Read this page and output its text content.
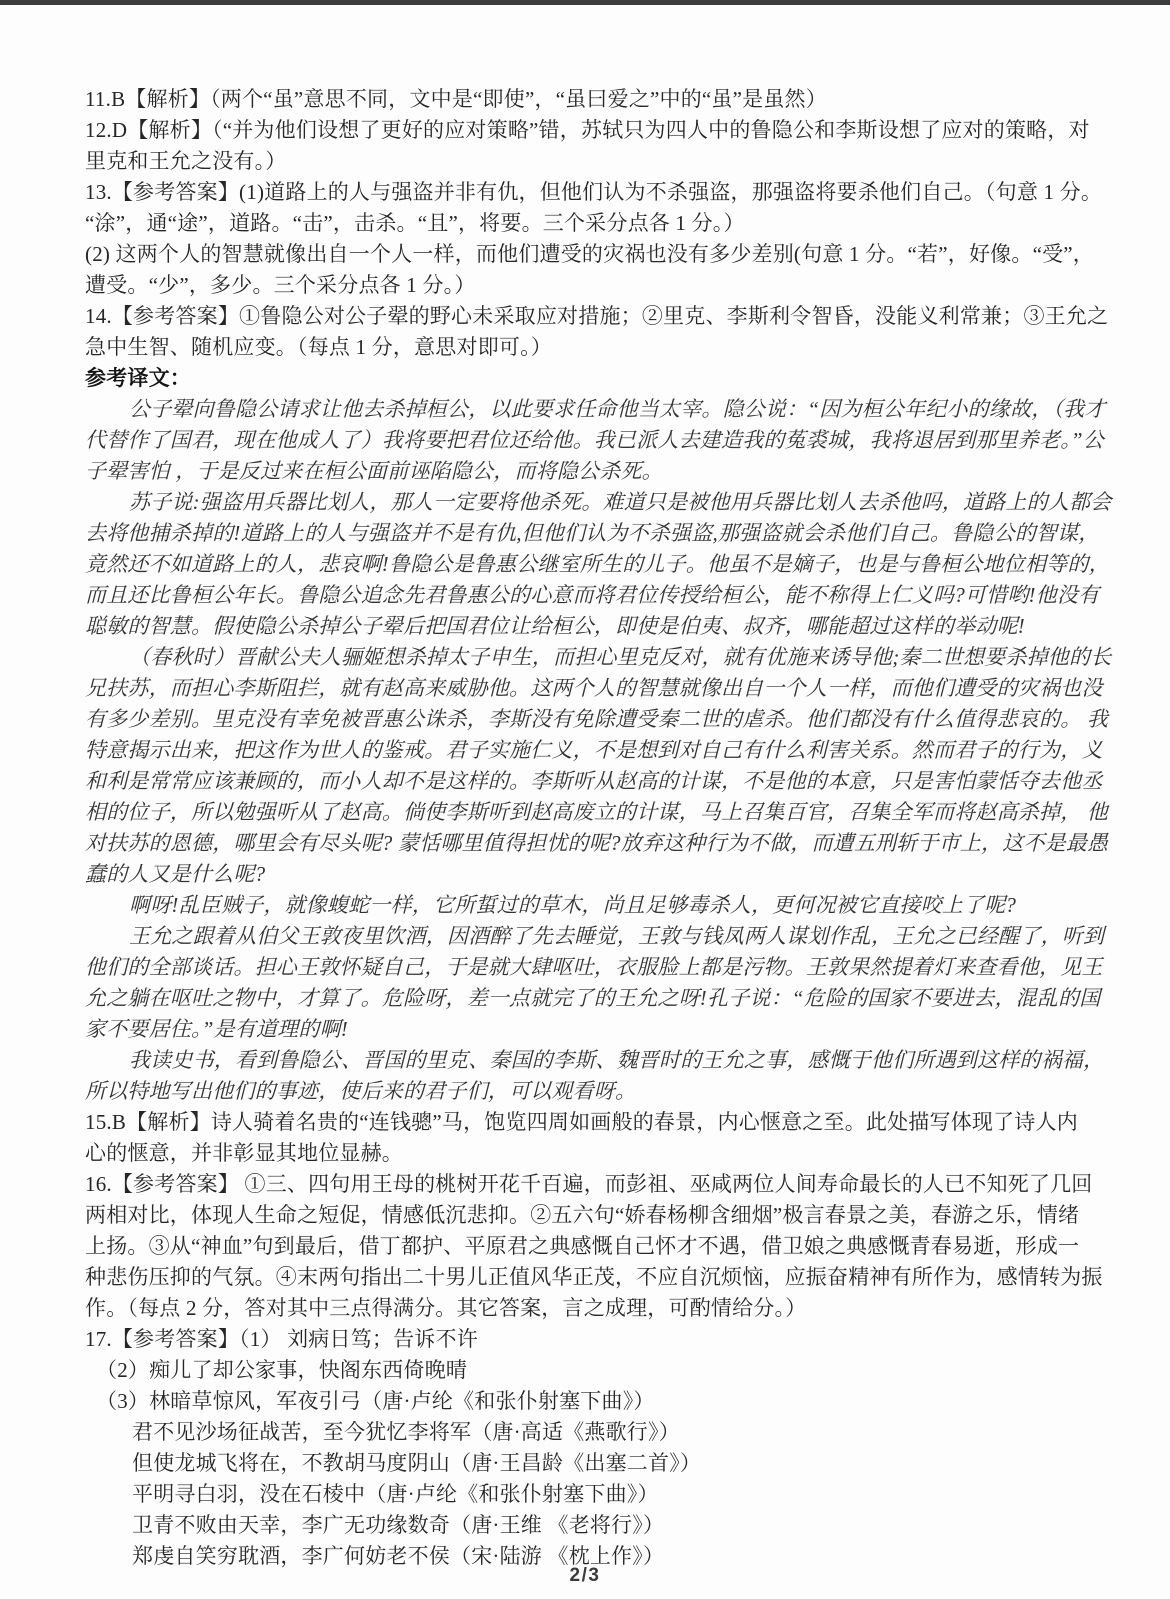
11.B【解析】（两个“虽”意思不同，文中是“即使”，“虽曰爱之”中的“虽”是虽然）
12.D【解析】（“并为他们设想了更好的应对策略”错，苏轼只为四人中的鲁隐公和李斯设想了应对的策略，对
里克和王允之没有。）
13.【参考答案】(1)道路上的人与强盗并非有仇，但他们认为不杀强盗，那强盗将要杀他们自己。（句意 1 分。
“涂”，通“途”，道路。“击”，击杀。“且”，将要。三个采分点各 1 分。）
(2) 这两个人的智慧就像出自一个人一样，而他们遭受的灾祸也没有多少差别(句意 1 分。“若”，好像。“受”，
遭受。“少”，多少。三个采分点各 1 分。）
14.【参考答案】①鲁隐公对公子翚的野心未采取应对措施；②里克、李斯利令智昏，没能义利常兼；③王允之
急中生智、随机应变。（每点 1 分，意思对即可。）
参考译文：
公子翚向鲁隐公请求让他去杀掉桓公，以此要求任命他当太宰。隐公说：“因为桓公年纪小的缘故，（我才
代替作了国君，现在他成人了）我将要把君位还给他。我已派人去建造我的菟裘城，我将退居到那里养老。”公
子翚害怕 ，于是反过来在桓公面前诬陷隐公，而将隐公杀死。
苏子说:强盗用兵器比划人，那人一定要将他杀死。难道只是被他用兵器比划人去杀他吗，道路上的人都会
去将他捕杀掉的!道路上的人与强盗并不是有仇,但他们认为不杀强盗,那强盗就会杀他们自己。鲁隐公的智谋，
竟然还不如道路上的人，悲哀啊!鲁隐公是鲁惠公继室所生的儿子。他虽不是嫡子，也是与鲁桓公地位相等的，
而且还比鲁桓公年长。鲁隐公追念先君鲁惠公的心意而将君位传授给桓公，能不称得上仁义吗?可惜哟!他没有
聪敏的智慧。假使隐公杀掉公子翚后把国君位让给桓公，即使是伯夷、叔齐，哪能超过这样的举动呢!
（春秋时）晋献公夫人骊姬想杀掉太子申生，而担心里克反对，就有优施来诱导他;秦二世想要杀掉他的长
兄扶苏，而担心李斯阻拦，就有赵高来威胁他。这两个人的智慧就像出自一个人一样，而他们遭受的灾祸也没
有多少差别。里克没有幸免被晋惠公诛杀，李斯没有免除遭受秦二世的虐杀。他们都没有什么值得悲哀的。 我
特意揭示出来，把这作为世人的鉴戒。君子实施仁义，不是想到对自己有什么利害关系。然而君子的行为，义
和利是常常应该兼顾的，而小人却不是这样的。李斯听从赵高的计谋，不是他的本意，只是害怕蒙恬夺去他丞
相的位子，所以勉强听从了赵高。倘使李斯听到赵高废立的计谋，马上召集百官，召集全军而将赵高杀掉， 他
对扶苏的恩德，哪里会有尽头呢? 蒙恬哪里值得担忧的呢?放弃这种行为不做，而遭五刑斩于市上，这不是最愚
蠢的人又是什么呢?
啊呀!乱臣贼子，就像蝮蛇一样，它所蜇过的草木，尚且足够毒杀人，更何况被它直接咬上了呢?
王允之跟着从伯父王敦夜里饮酒，因酒醉了先去睡觉，王敦与钱凤两人谋划作乱，王允之已经醒了，听到
他们的全部谈话。担心王敦怀疑自己，于是就大肆呕吐，衣服脸上都是污物。王敦果然提着灯来查看他，见王
允之躺在呕吐之物中，才算了。危险呀，差一点就完了的王允之呀!孔子说：“危险的国家不要进去，混乱的国
家不要居住。”是有道理的啊!
我读史书，看到鲁隐公、晋国的里克、秦国的李斯、魏晋时的王允之事，感慨于他们所遇到这样的祸福，
所以特地写出他们的事迹，使后来的君子们，可以观看呀。
15.B【解析】诗人骑着名贵的“连钱骢”马，饱览四周如画般的春景，内心惬意之至。此处描写体现了诗人内
心的惬意，并非彰显其地位显赫。
16.【参考答案】 ①三、四句用王母的桃树开花千百遍，而彭祖、巫咸两位人间寿命最长的人已不知死了几回
两相对比，体现人生命之短促，情感低沉悲抑。②五六句“娇春杨柳含细烟”极言春景之美，春游之乐，情绪
上扬。③从“神血”句到最后，借丁都护、平原君之典感慨自己怀才不遇，借卫娘之典感慨青春易逝，形成一
种悲伤压抑的气氛。④末两句指出二十男儿正值风华正茂，不应自沉烦恼，应振奋精神有所作为，感情转为振
作。（每点 2 分，答对其中三点得满分。其它答案，言之成理，可酌情给分。）
17.【参考答案】（1） 刘病日笃；告诉不许
（2）痴儿了却公家事，快阁东西倚晚晴
（3）林暗草惊风，军夜引弓（唐·卢纶《和张仆射塞下曲》）
君不见沙场征战苦，至今犹忆李将军（唐·高适《燕歌行》）
但使龙城飞将在，不教胡马度阴山（唐·王昌龄《出塞二首》）
平明寻白羽，没在石棱中（唐·卢纶《和张仆射塞下曲》）
卫青不败由天幸，李广无功缘数奇（唐·王维 《老将行》）
郑虔自笑穷耽酒，李广何妨老不侯（宋·陆游 《枕上作》）
2/3
